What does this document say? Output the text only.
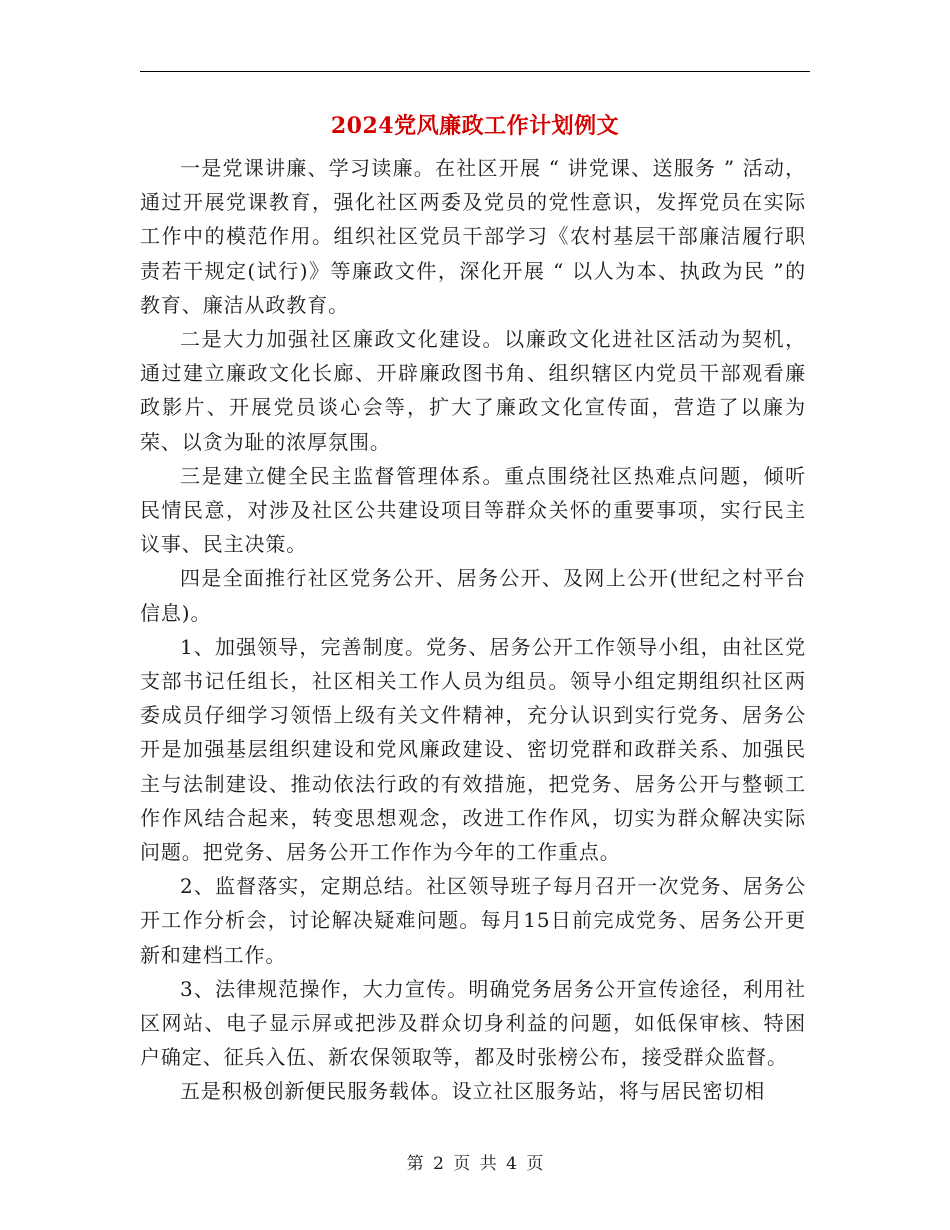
2024党风廉政工作计划例文

一是党课讲廉、学习读廉。在社区开展 “ 讲党课、送服务 ” 活动，通过开展党课教育，强化社区两委及党员的党性意识，发挥党员在实际工作中的模范作用。组织社区党员干部学习《农村基层干部廉洁履行职责若干规定(试行)》等廉政文件，深化开展 “ 以人为本、执政为民 ”的教育、廉洁从政教育。

二是大力加强社区廉政文化建设。以廉政文化进社区活动为契机，通过建立廉政文化长廊、开辟廉政图书角、组织辖区内党员干部观看廉政影片、开展党员谈心会等，扩大了廉政文化宣传面，营造了以廉为荣、以贪为耻的浓厚氛围。

三是建立健全民主监督管理体系。重点围绕社区热难点问题，倾听民情民意，对涉及社区公共建设项目等群众关怀的重要事项，实行民主议事、民主决策。

四是全面推行社区党务公开、居务公开、及网上公开(世纪之村平台信息)。

1、加强领导，完善制度。党务、居务公开工作领导小组，由社区党支部书记任组长，社区相关工作人员为组员。领导小组定期组织社区两委成员仔细学习领悟上级有关文件精神，充分认识到实行党务、居务公开是加强基层组织建设和党风廉政建设、密切党群和政群关系、加强民主与法制建设、推动依法行政的有效措施，把党务、居务公开与整顿工作作风结合起来，转变思想观念，改进工作作风，切实为群众解决实际问题。把党务、居务公开工作作为今年的工作重点。

2、监督落实，定期总结。社区领导班子每月召开一次党务、居务公开工作分析会，讨论解决疑难问题。每月15日前完成党务、居务公开更新和建档工作。

3、法律规范操作，大力宣传。明确党务居务公开宣传途径，利用社区网站、电子显示屏或把涉及群众切身利益的问题，如低保审核、特困户确定、征兵入伍、新农保领取等，都及时张榜公布，接受群众监督。

五是积极创新便民服务载体。设立社区服务站，将与居民密切相

第 2 页 共 4 页
